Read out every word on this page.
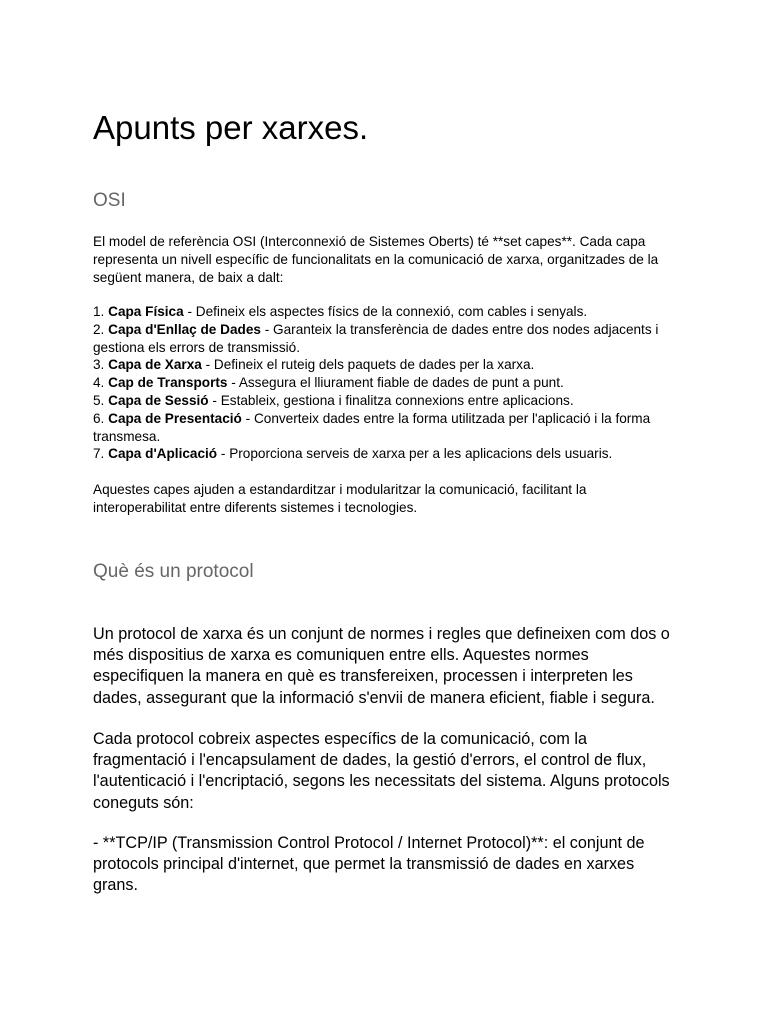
Apunts per xarxes.
OSI

El model de referència OSI (Interconnexió de Sistemes Oberts) té **set capes**. Cada capa representa un nivell específic de funcionalitats en la comunicació de xarxa, organitzades de la següent manera, de baix a dalt:

1. Capa Física - Defineix els aspectes físics de la connexió, com cables i senyals.
2. Capa d'Enllaç de Dades - Garanteix la transferència de dades entre dos nodes adjacents i gestiona els errors de transmissió.
3. Capa de Xarxa - Defineix el ruteig dels paquets de dades per la xarxa.
4. Cap de Transports - Assegura el lliurament fiable de dades de punt a punt.
5. Capa de Sessió - Estableix, gestiona i finalitza connexions entre aplicacions.
6. Capa de Presentació - Converteix dades entre la forma utilitzada per l'aplicació i la forma transmesa.
7. Capa d'Aplicació - Proporciona serveis de xarxa per a les aplicacions dels usuaris.

Aquestes capes ajuden a estandarditzar i modularitzar la comunicació, facilitant la interoperabilitat entre diferents sistemes i tecnologies.

Què és un protocol

Un protocol de xarxa és un conjunt de normes i regles que defineixen com dos o més dispositius de xarxa es comuniquen entre ells. Aquestes normes especifiquen la manera en què es transfereixen, processen i interpreten les dades, assegurant que la informació s'envii de manera eficient, fiable i segura.

Cada protocol cobreix aspectes específics de la comunicació, com la fragmentació i l'encapsulament de dades, la gestió d'errors, el control de flux, l'autenticació i l'encriptació, segons les necessitats del sistema. Alguns protocols coneguts són:

- **TCP/IP (Transmission Control Protocol / Internet Protocol)**: el conjunt de protocols principal d'internet, que permet la transmissió de dades en xarxes grans.
